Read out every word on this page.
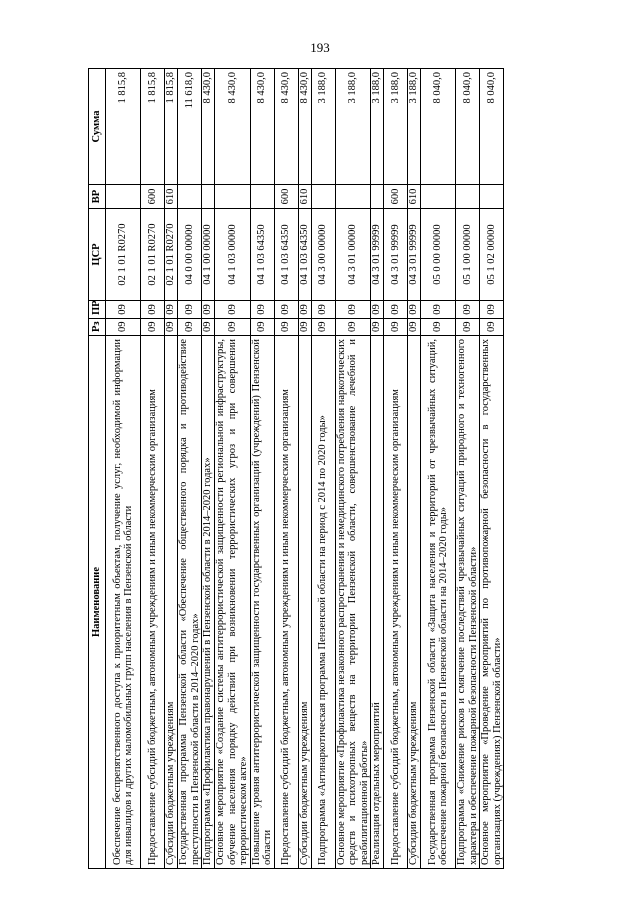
193
Наименование	Рз	ПР	ЦСР	ВР	Сумма
Обеспечение беспрепятственного доступа к приоритетным объектам, получение услуг, необходимой информации для инвалидов и других маломобильных групп населения в Пензенской области	09	09	02 1 01 R0270		1 815,8
Предоставление субсидий бюджетным, автономным учреждениям и иным некоммерческим организациям	09	09	02 1 01 R0270	600	1 815,8
Субсидии бюджетным учреждениям	09	09	02 1 01 R0270	610	1 815,8
Государственная программа Пензенской области «Обеспечение общественного порядка и противодействие преступности в Пензенской области в 2014–2020 годах»	09	09	04 0 00 00000		11 618,0
Подпрограмма «Профилактика правонарушений в Пензенской области в 2014–2020 годах»	09	09	04 1 00 00000		8 430,0
Основное мероприятие «Создание системы антитеррористической защищенности региональной инфраструктуры, обучение населения порядку действий при возникновении террористических угроз и при совершении террористическом акте»	09	09	04 1 03 00000		8 430,0
Повышение уровня антитеррористической защищенности государственных организаций (учреждений) Пензенской области	09	09	04 1 03 64350		8 430,0
Предоставление субсидий бюджетным, автономным учреждениям и иным некоммерческим организациям	09	09	04 1 03 64350	600	8 430,0
Субсидии бюджетным учреждениям	09	09	04 1 03 64350	610	8 430,0
Подпрограмма «Антинаркотическая программа Пензенской области на период с 2014 по 2020 годы»	09	09	04 3 00 00000		3 188,0
Основное мероприятие «Профилактика незаконного распространения и немедицинского потребления наркотических средств и психотропных веществ на территории Пензенской области, совершенствование лечебной и реабилитационной работы»	09	09	04 3 01 00000		3 188,0
Реализация отдельных мероприятий	09	09	04 3 01 99999		3 188,0
Предоставление субсидий бюджетным, автономным учреждениям и иным некоммерческим организациям	09	09	04 3 01 99999	600	3 188,0
Субсидии бюджетным учреждениям	09	09	04 3 01 99999	610	3 188,0
Государственная программа Пензенской области «Защита населения и территорий от чрезвычайных ситуаций, обеспечение пожарной безопасности в Пензенской области на 2014–2020 годы»	09	09	05 0 00 00000		8 040,0
Подпрограмма «Снижение рисков и смягчение последствий чрезвычайных ситуаций природного и техногенного характера и обеспечение пожарной безопасности Пензенской области»	09	09	05 1 00 00000		8 040,0
Основное мероприятие «Проведение мероприятий по противопожарной безопасности в государственных организациях (учреждениях) Пензенской области»	09	09	05 1 02 00000		8 040,0
